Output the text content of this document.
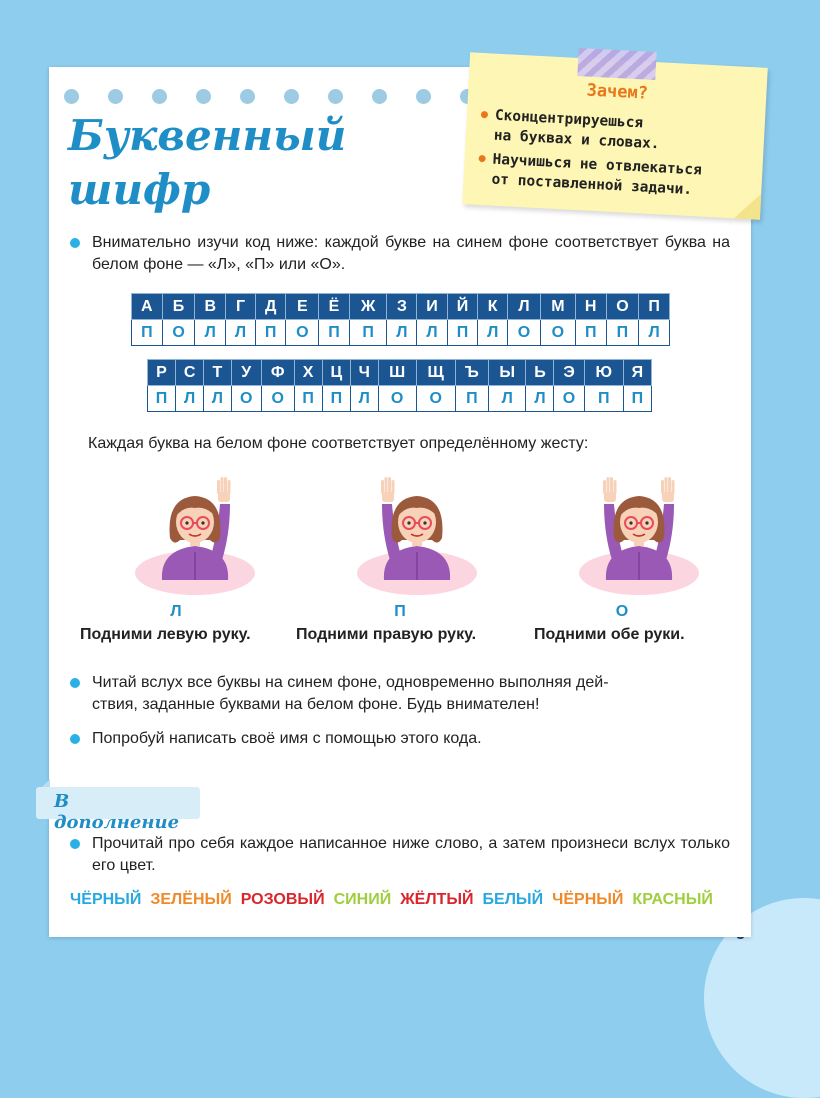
Буквенный
шифр
Зачем?
Сконцентрируешься
на буквах и словах.
Научишься не отвлекаться
от поставленной задачи.
Внимательно изучи код ниже: каждой букве на синем фоне соответствует буква на белом фоне — «Л», «П» или «О».
А	Б	В	Г	Д	Е	Ё	Ж	З	И	Й	К	Л	М	Н	О	П
П	О	Л	Л	П	О	П	П	Л	Л	П	Л	О	О	П	П	Л
Р	С	Т	У	Ф	Х	Ц	Ч	Ш	Щ	Ъ	Ы	Ь	Э	Ю	Я
П	Л	Л	О	О	П	П	Л	О	О	П	Л	Л	О	П	П
Каждая буква на белом фоне соответствует определённому жесту:
Л	П	О
Подними левую руку.	Подними правую руку.	Подними обе руки.
Читай вслух все буквы на синем фоне, одновременно выполняя дей-
ствия, заданные буквами на белом фоне. Будь внимателен!
Попробуй написать своё имя с помощью этого кода.
В дополнение
Прочитай про себя каждое написанное ниже слово, а затем произнеси вслух только его цвет.
ЧЁРНЫЙ ЗЕЛЁНЫЙ РОЗОВЫЙ СИНИЙ ЖЁЛТЫЙ БЕЛЫЙ ЧЁРНЫЙ КРАСНЫЙ
